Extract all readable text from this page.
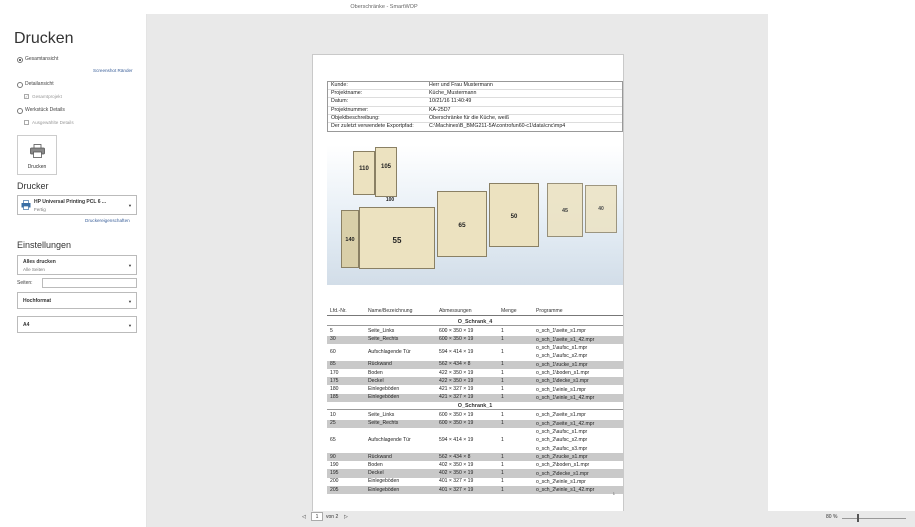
Oberschränke - SmartWOP
Drucken
Gesamtansicht
Screenshot Ränder
Detailansicht
✓ Gesamtprojekt
Werkstück Details
Ausgewählte Details
Drucken
Drucker
HP Universal Printing PCL 6 ...
Fertig
▼
Druckereigenschaften
Einstellungen
Alles drucken
Alle Seiten
▼
Seiten:
Hochformat	▼
A4	▼
Kunde:	Herr und Frau Mustermann
Projektname:	Küche_Mustermann
Datum:	10/21/16 11:40:49
Projektnummer:	KA-25D7
Objektbeschreibung:	Oberschränke für die Küche, weiß
Der zuletzt verwendete Exportpfad:	C:\Machines\B_BMG211-5A\controfun60-c1\data\cnc\mp4
110	105
100
140	55
65
50
45	40
Lfd.-Nr.	Name/Bezeichnung	Abmessungen	Menge	Programme
O_Schrank_4
5	Seite_Links	600 × 350 × 19	1	o_sch_1\seite_s1.mpr
30	Seite_Rechts	600 × 350 × 19	1	o_sch_1\seite_s1_42.mpr
60	Aufschlagende Tür	594 × 414 × 19	1
o_sch_1\aufsc_s1.mpr
o_sch_1\aufsc_s2.mpr
85	Rückwand	562 × 434 × 8	1	o_sch_1\rucke_s1.mpr
170	Boden	422 × 350 × 19	1	o_sch_1\boden_s1.mpr
175	Deckel	422 × 350 × 19	1	o_sch_1\decke_s1.mpr
180	Einlegeböden	421 × 327 × 19	1	o_sch_1\einle_s1.mpr
185	Einlegeböden	421 × 327 × 19	1	o_sch_1\einle_s1_42.mpr
O_Schrank_1
10	Seite_Links	600 × 350 × 19	1	o_sch_2\seite_s1.mpr
25	Seite_Rechts	600 × 350 × 19	1	o_sch_2\seite_s1_42.mpr
65	Aufschlagende Tür	594 × 414 × 19	1
o_sch_2\aufsc_s1.mpr
o_sch_2\aufsc_s2.mpr
o_sch_2\aufsc_s3.mpr
90	Rückwand	562 × 434 × 8	1	o_sch_2\rucke_s1.mpr
190	Boden	402 × 350 × 19	1	o_sch_2\boden_s1.mpr
195	Deckel	402 × 350 × 19	1	o_sch_2\decke_s1.mpr
200	Einlegeböden	401 × 327 × 19	1	o_sch_2\einle_s1.mpr
205	Einlegeböden	401 × 327 × 19	1	o_sch_2\einle_s1_42.mpr
1
◁	1	von 2 ▷	80 %
